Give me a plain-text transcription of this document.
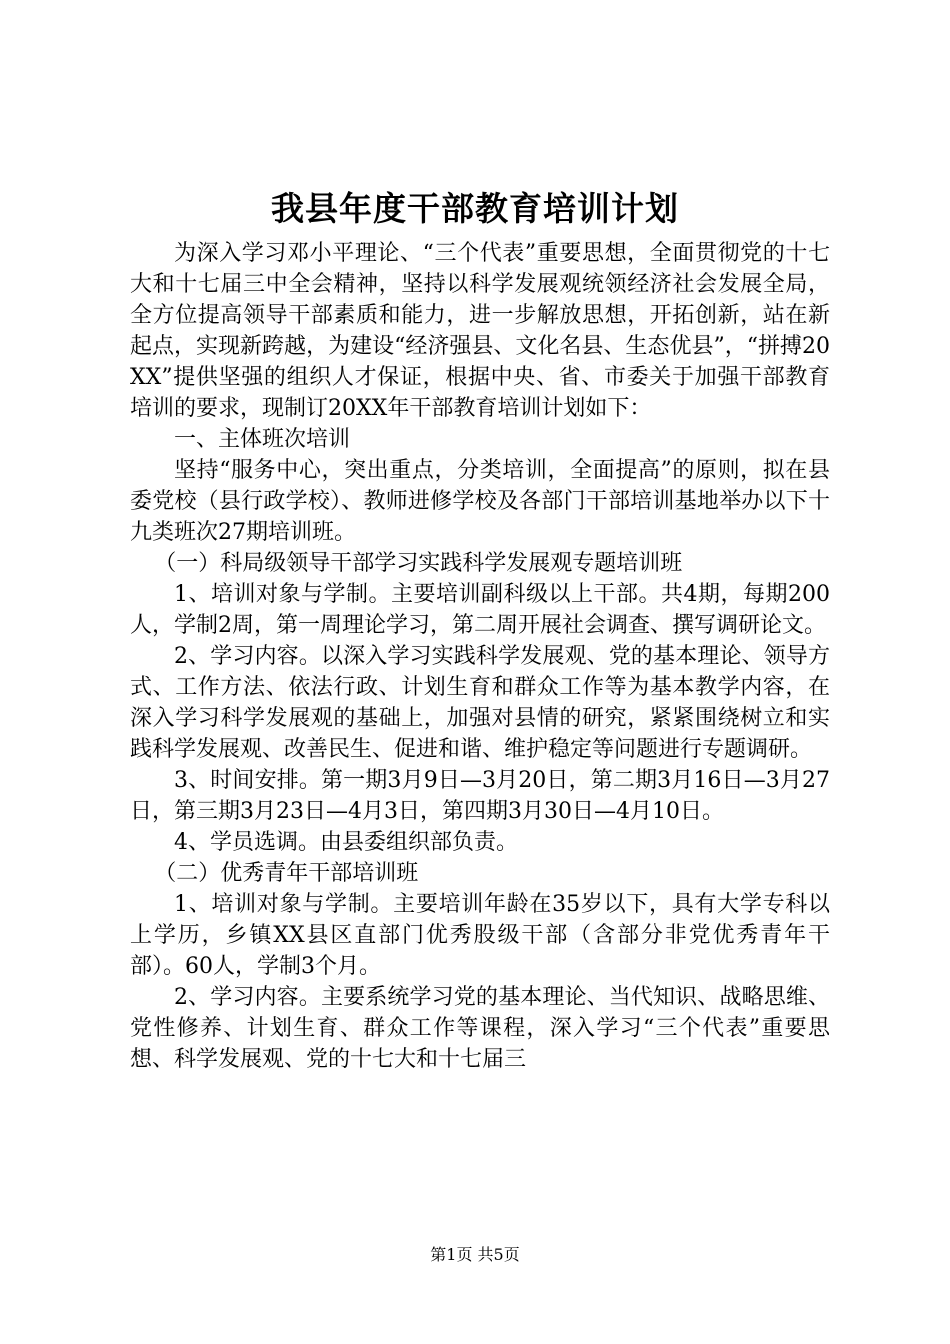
我县年度干部教育培训计划

为深入学习邓小平理论、“三个代表”重要思想，全面贯彻党的十七大和十七届三中全会精神，坚持以科学发展观统领经济社会发展全局，全方位提高领导干部素质和能力，进一步解放思想，开拓创新，站在新起点，实现新跨越，为建设“经济强县、文化名县、生态优县”，“拼搏20XX”提供坚强的组织人才保证，根据中央、省、市委关于加强干部教育培训的要求，现制订20XX年干部教育培训计划如下：

一、主体班次培训

坚持“服务中心，突出重点，分类培训，全面提高”的原则，拟在县委党校（县行政学校）、教师进修学校及各部门干部培训基地举办以下十九类班次27期培训班。

（一）科局级领导干部学习实践科学发展观专题培训班

1、培训对象与学制。主要培训副科级以上干部。共4期，每期200人，学制2周，第一周理论学习，第二周开展社会调查、撰写调研论文。

2、学习内容。以深入学习实践科学发展观、党的基本理论、领导方式、工作方法、依法行政、计划生育和群众工作等为基本教学内容，在深入学习科学发展观的基础上，加强对县情的研究，紧紧围绕树立和实践科学发展观、改善民生、促进和谐、维护稳定等问题进行专题调研。

3、时间安排。第一期3月9日—3月20日，第二期3月16日—3月27日，第三期3月23日—4月3日，第四期3月30日—4月10日。

4、学员选调。由县委组织部负责。

（二）优秀青年干部培训班

1、培训对象与学制。主要培训年龄在35岁以下，具有大学专科以上学历，乡镇XX县区直部门优秀股级干部（含部分非党优秀青年干部）。60人，学制3个月。

2、学习内容。主要系统学习党的基本理论、当代知识、战略思维、党性修养、计划生育、群众工作等课程，深入学习“三个代表”重要思想、科学发展观、党的十七大和十七届三

第1页 共5页
